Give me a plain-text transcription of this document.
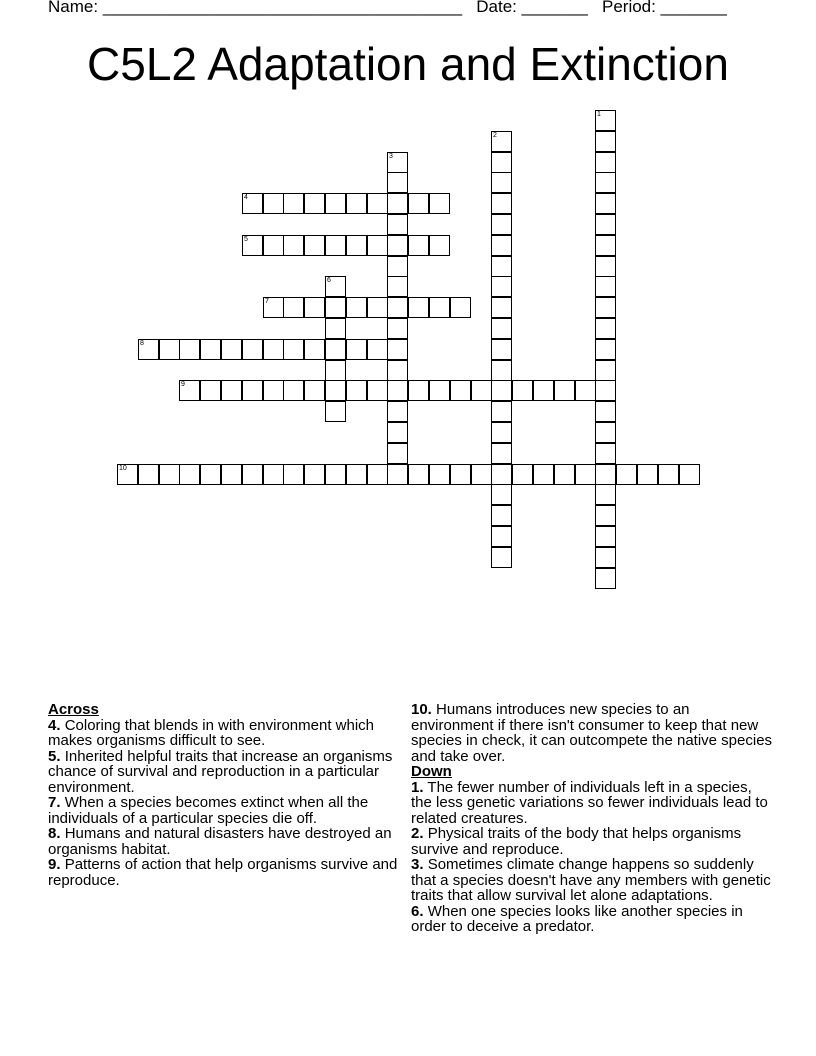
Name: ______________________________________ Date: _______ Period: _______
C5L2 Adaptation and Extinction
1
2
3
4
5
6
7
8
9
10
Across
4. Coloring that blends in with environment which makes organisms difficult to see.
5. Inherited helpful traits that increase an organisms chance of survival and reproduction in a particular environment.
7. When a species becomes extinct when all the individuals of a particular species die off.
8. Humans and natural disasters have destroyed an organisms habitat.
9. Patterns of action that help organisms survive and reproduce.
10. Humans introduces new species to an environment if there isn't consumer to keep that new species in check, it can outcompete the native species and take over.
Down
1. The fewer number of individuals left in a species, the less genetic variations so fewer individuals lead to related creatures.
2. Physical traits of the body that helps organisms survive and reproduce.
3. Sometimes climate change happens so suddenly that a species doesn't have any members with genetic traits that allow survival let alone adaptations.
6. When one species looks like another species in order to deceive a predator.
